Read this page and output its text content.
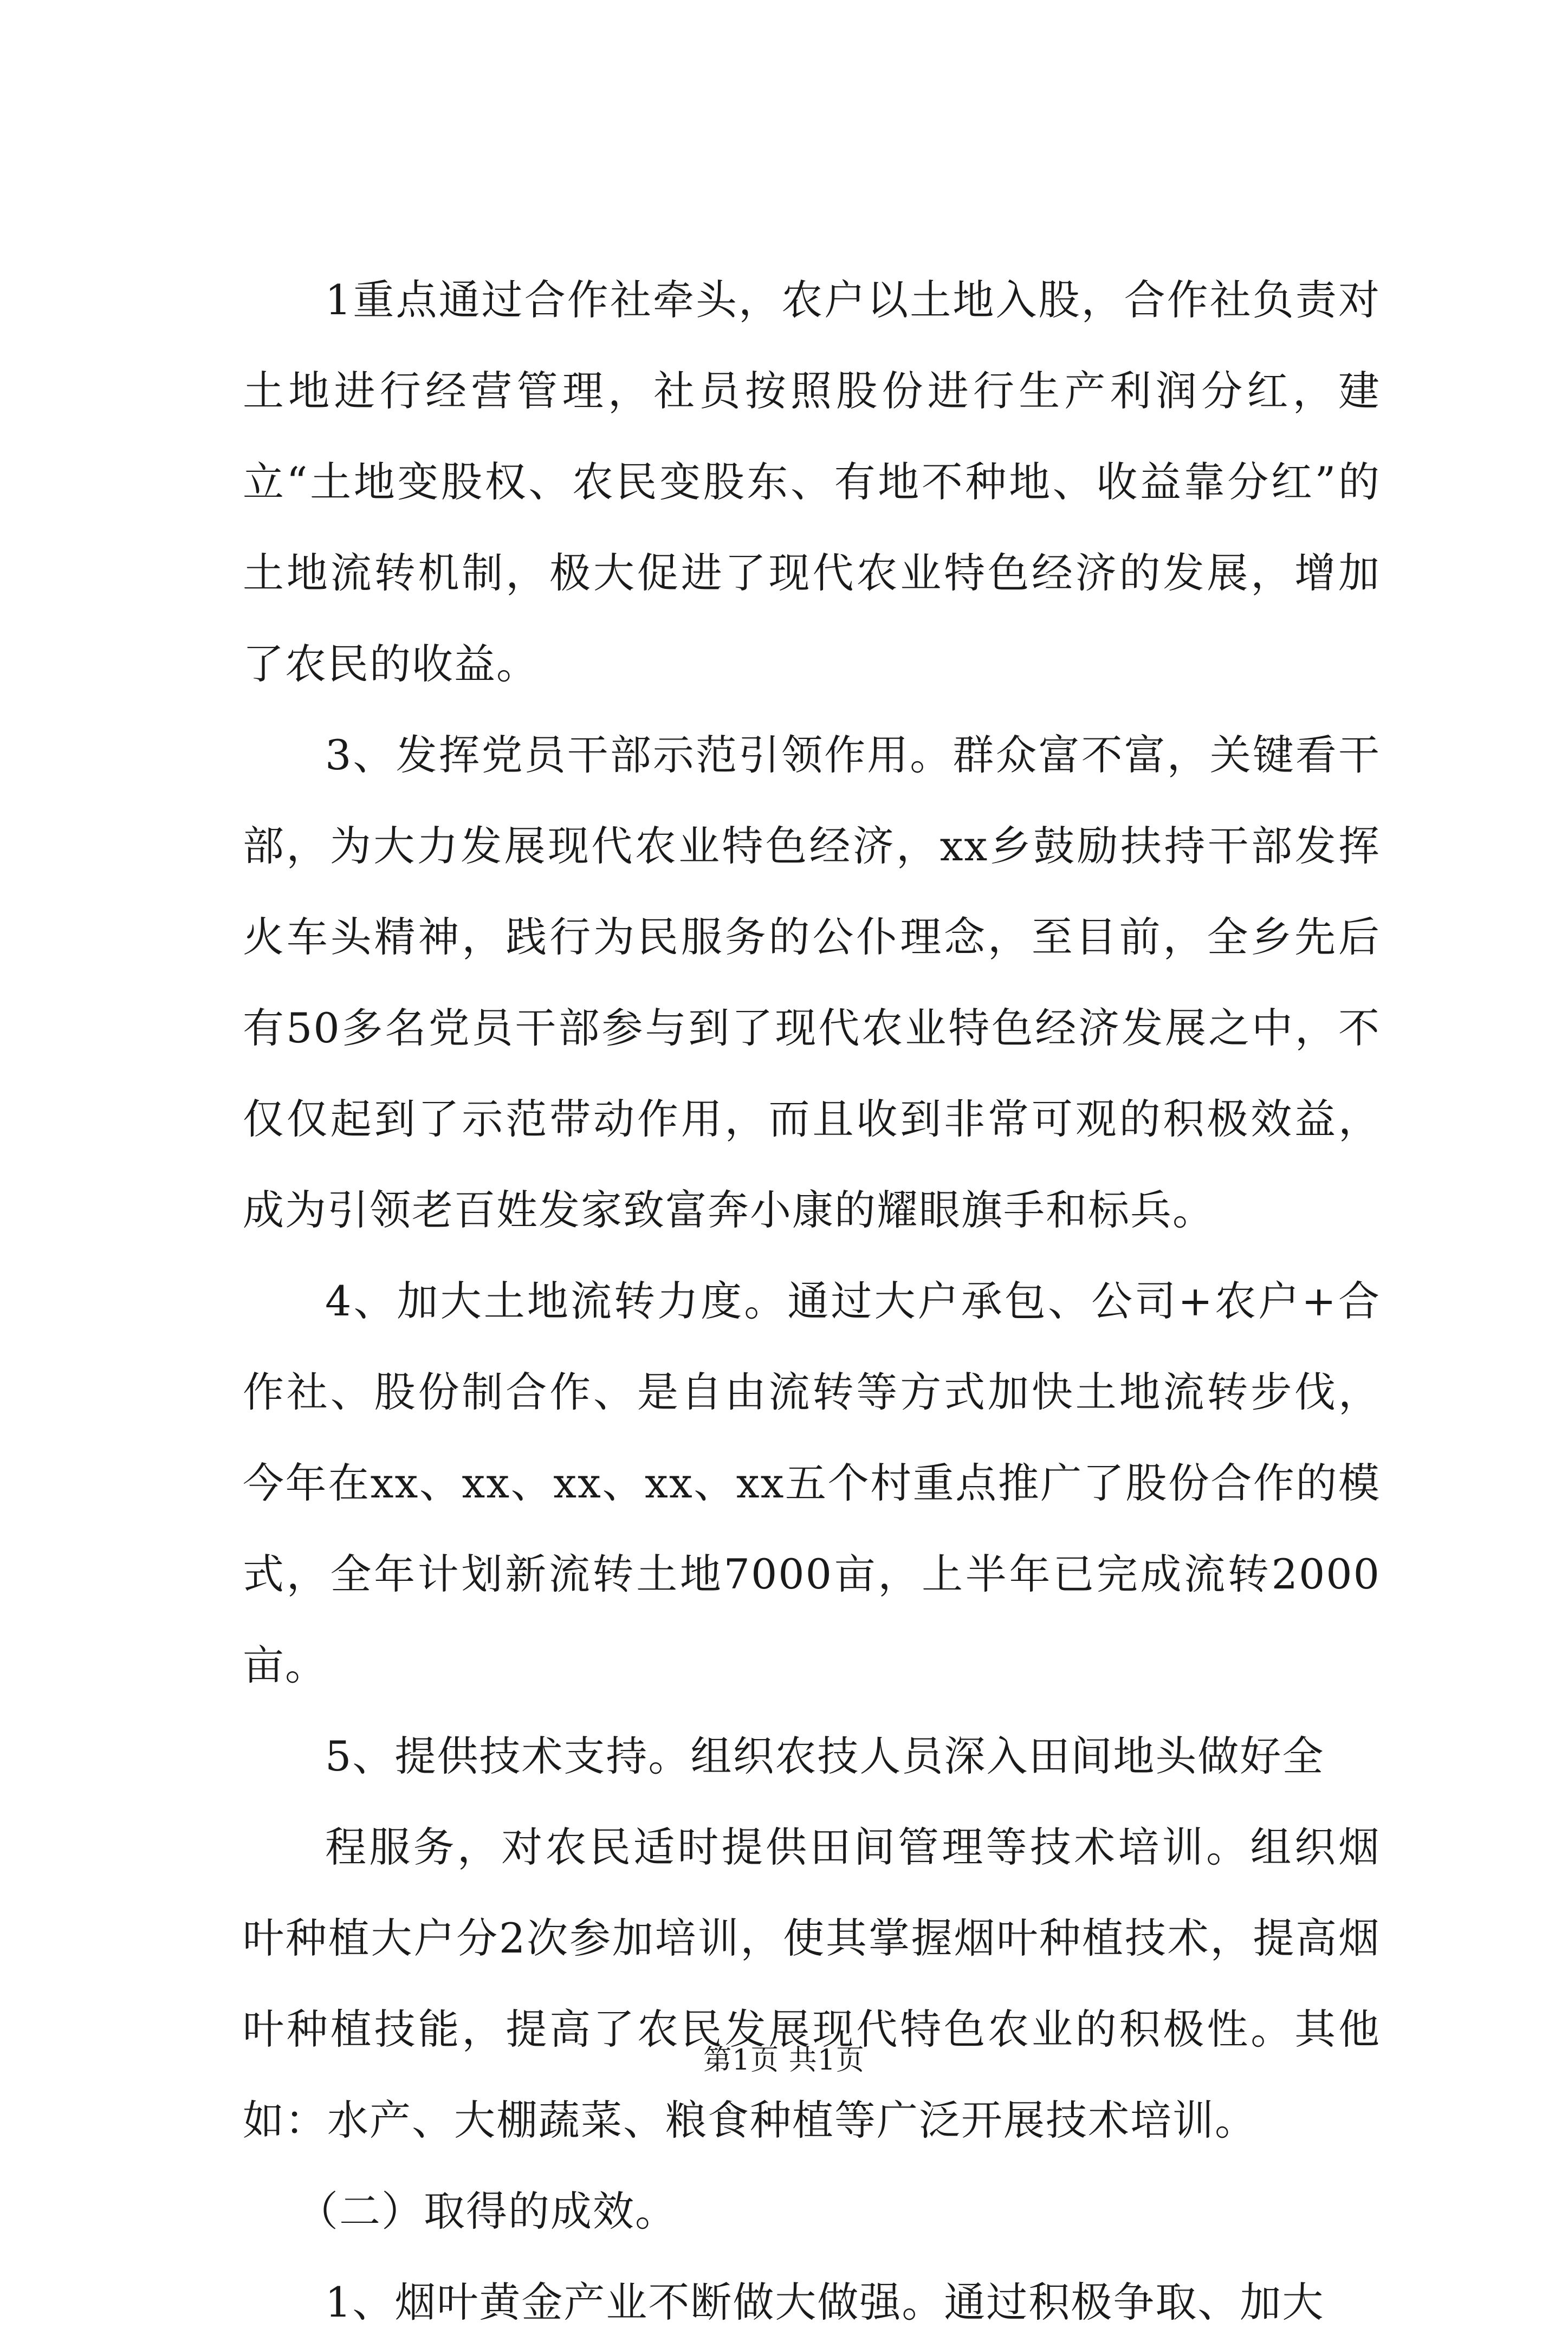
1重点通过合作社牵头，农户以土地入股，合作社负责对土地进行经营管理，社员按照股份进行生产利润分红，建立“土地变股权、农民变股东、有地不种地、收益靠分红”的土地流转机制，极大促进了现代农业特色经济的发展，增加了农民的收益。

3、发挥党员干部示范引领作用。群众富不富，关键看干部，为大力发展现代农业特色经济，xx乡鼓励扶持干部发挥火车头精神，践行为民服务的公仆理念，至目前，全乡先后有50多名党员干部参与到了现代农业特色经济发展之中，不仅仅起到了示范带动作用，而且收到非常可观的积极效益，成为引领老百姓发家致富奔小康的耀眼旗手和标兵。

4、加大土地流转力度。通过大户承包、公司+农户+合作社、股份制合作、是自由流转等方式加快土地流转步伐，今年在xx、xx、xx、xx、xx五个村重点推广了股份合作的模式，全年计划新流转土地7000亩，上半年已完成流转2000亩。

5、提供技术支持。组织农技人员深入田间地头做好全

程服务，对农民适时提供田间管理等技术培训。组织烟叶种植大户分2次参加培训，使其掌握烟叶种植技术，提高烟叶种植技能，提高了农民发展现代特色农业的积极性。其他如：水产、大棚蔬菜、粮食种植等广泛开展技术培训。

（二）取得的成效。

1、烟叶黄金产业不断做大做强。通过积极争取、加大

第1页 共1页
